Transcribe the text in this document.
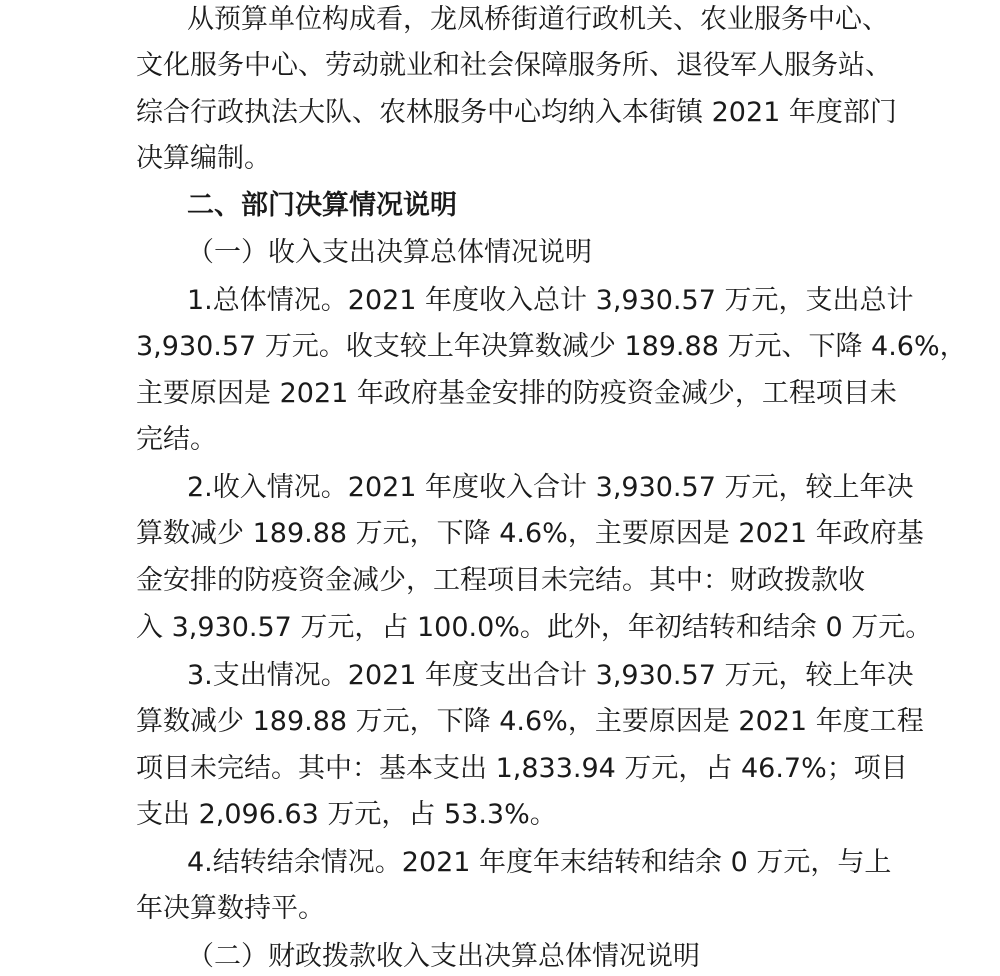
从预算单位构成看，龙凤桥街道行政机关、农业服务中心、
文化服务中心、劳动就业和社会保障服务所、退役军人服务站、
综合行政执法大队、农林服务中心均纳入本街镇 2021 年度部门
决算编制。
二、部门决算情况说明
（一）收入支出决算总体情况说明
1.总体情况。2021 年度收入总计 3,930.57 万元，支出总计
3,930.57 万元。收支较上年决算数减少 189.88 万元、下降 4.6%，
主要原因是 2021 年政府基金安排的防疫资金减少，工程项目未
完结。
2.收入情况。2021 年度收入合计 3,930.57 万元，较上年决
算数减少 189.88 万元，下降 4.6%，主要原因是 2021 年政府基
金安排的防疫资金减少，工程项目未完结。其中：财政拨款收
入 3,930.57 万元，占 100.0%。此外，年初结转和结余 0 万元。
3.支出情况。2021 年度支出合计 3,930.57 万元，较上年决
算数减少 189.88 万元，下降 4.6%，主要原因是 2021 年度工程
项目未完结。其中：基本支出 1,833.94 万元，占 46.7%；项目
支出 2,096.63 万元，占 53.3%。
4.结转结余情况。2021 年度年末结转和结余 0 万元，与上
年决算数持平。
（二）财政拨款收入支出决算总体情况说明
